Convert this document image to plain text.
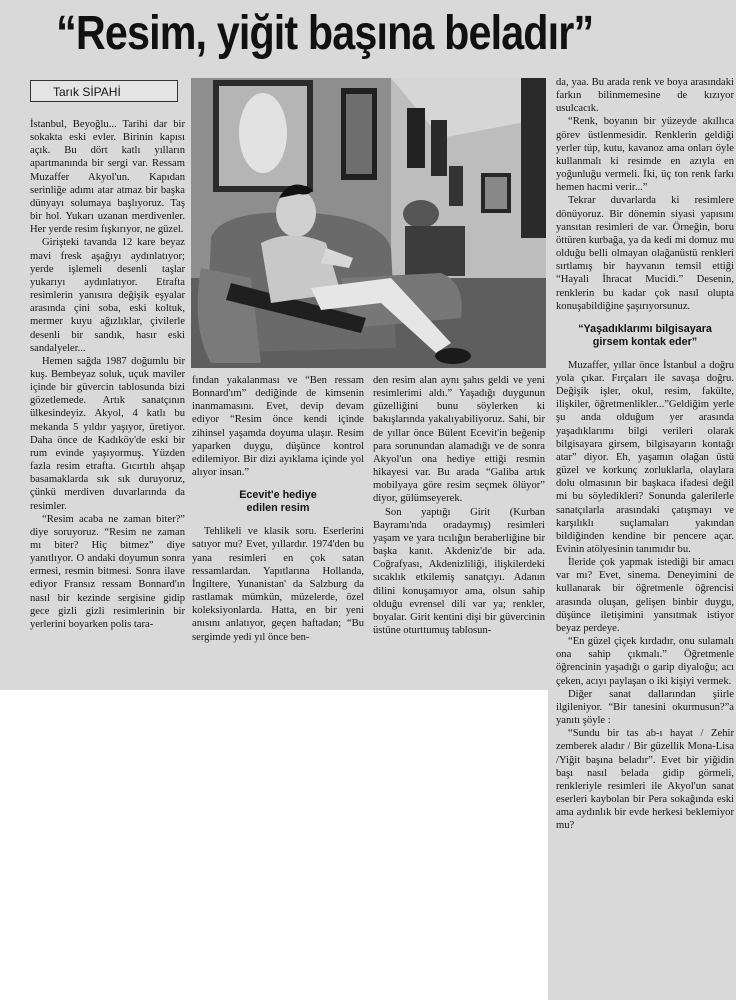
“Resim, yiğit başına beladır”
Tarık SİPAHİ

İstanbul, Beyoğlu... Tarihi dar bir sokakta eski evler. Birinin kapısı açık. Bu dört katlı yılların apartmanında bir sergi var. Ressam Muzaffer Akyol'un. Kapıdan serinliğe adımı atar atmaz bir başka dünyayı solumaya başlıyoruz. Taş bir hol. Yukarı uzanan merdivenler. Her yerde resim fışkırıyor, ne güzel.

Girişteki tavanda 12 kare beyaz mavi fresk aşağıyı aydınlatıyor; yerde işlemeli desenli taşlar yukarıyı aydınlatıyor. Etrafta resimlerin yanısıra değişik eşyalar arasında çini soba, eski koltuk, mermer kuyu ağızlıklar, çivilerle desenli bir sandık, hasır eski sandalyeler...

Hemen sağda 1987 doğumlu bir kuş. Bembeyaz soluk, uçuk maviler içinde bir güvercin tablosunda bizi gözetlemede. Artık sanatçının ülkesindeyiz. Akyol, 4 katlı bu mekanda 5 yıldır yaşıyor, üretiyor. Daha önce de Kadıköy'de eski bir rum evinde yaşıyormuş. Yüzden fazla resim etrafta. Gıcırtılı ahşap basamaklarda sık sık duruyoruz, çünkü merdiven duvarlarında da resimler.

“Resim acaba ne zaman biter?” diye soruyoruz. “Resim ne zaman mı biter? Hiç bitmez” diye yanıtlıyor. O andaki doyumun sonra ermesi, resmin bitmesi. Sonra ilave ediyor Fransız ressam Bonnard'ın nasıl bir kezinde sergisine gidip gece gizli gizli resimlerinin bir yerlerini boyarken polis tara-

fından yakalanması ve “Ben ressam Bonnard'ım” dediğinde de kimsenin inanmamasını. Evet, devip devam ediyor “Resim önce kendi içinde zihinsel yaşamda doyuma ulaşır. Resim yaparken duygu, düşünce kontrol edilemiyor. Bir dizi ayıklama içinde yol alıyor insan.”

Ecevit'e hediye
edilen resim

Tehlikeli ve klasik soru. Eserlerini satıyor mu? Evet, yıllardır. 1974'den bu yana resimleri en çok satan ressamlardan. Yapıtlarına Hollanda, İngiltere, Yunanistan' da Salzburg da rastlamak mümkün, müzelerde, özel koleksiyonlarda. Hatta, en bir yeni anısını anlatıyor, geçen haftadan; “Bu sergimde yedi yıl önce ben-

den resim alan aynı şahıs geldi ve yeni resimlerimi aldı.” Yaşadığı duygunun güzelliğini bunu söylerken ki bakışlarında yakalıyabiliyoruz. Sahi, bir de yıllar önce Bülent Ecevit'in beğenip para sorunundan alamadığı ve de sonra Akyol'un ona hediye ettiği resmin hikayesi var. Bu arada “Galiba artık mobilyaya göre resim seçmek ölüyor” diyor, gülümseyerek.

Son yaptığı Girit (Kurban Bayramı'nda oradaymış) resimleri yaşam ve yara tıcılığın beraberliğine bir başka kanıt. Akdeniz'de bir ada. Coğrafyası, Akdenizliliği, ilişkilerdeki sıcaklık etkilemiş sanatçıyı. Adanın dilini konuşamıyor ama, olsun sahip olduğu evrensel dili var ya; renkler, boyalar. Girit kentini dişi bir güvercinin üstüne oturttumuş tablosun-

da, yaa. Bu arada renk ve boya arasındaki farkın bilinmemesine de kızıyor usulcacık.

“Renk, boyanın bir yüzeyde akıllıca görev üstlenmesidir. Renklerin geldiği yerler tüp, kutu, kavanoz ama onları öyle kullanmalı ki resimde en azıyla en yoğunluğu vermeli. İki, üç ton renk farkı hemen hacmi verir...”

Tekrar duvarlarda ki resimlere dönüyoruz. Bir dönemin siyasi yapısını yansıtan resimleri de var. Örneğin, boru öttüren kurbağa, ya da kedi mi domuz mu olduğu belli olmayan olağanüstü renkleri sırtlamış bir hayvanın temsil ettiği “Hayali İhracat Mucidi.” Desenin, renklerin bu kadar çok nasıl olupta konuşabildiğine şaşırıyorsunuz.

“Yaşadıklarımı bilgisayara
girsem kontak eder”

Muzaffer, yıllar önce İstanbul a doğru yola çıkar. Fırçaları ile savaşa doğru. Değişik işler, okul, resim, fakülte, ilişkiler, öğretmenlikler...”Geldiğim yerle şu anda olduğum yer arasında yaşadıklarımı bilgi verileri olarak bilgisayara girsem, bilgisayarın kontağı atar” diyor. Eh, yaşamın olağan üstü güzel ve korkunç zorluklarla, olaylara dolu olmasının bir başkaca ifadesi değil mi bu söyledikleri? Sonunda galerilerle sanatçılarla arasındaki çatışmayı ve karşılıklı suçlamaları yakından bildiğinden kendine bir pencere açar. Evinin atölyesinin tanımıdır bu.

İleride çok yapmak istediği bir amacı var mı? Evet, sinema. Deneyimini de kullanarak bir öğretmenle öğrencisi arasında oluşan, gelişen binbir duygu, düşünce iletişimini yansıtmak istiyor beyaz perdeye.

“En güzel çiçek kırdadır, onu sulamalı ona sahip çıkmalı.” Öğretmenle öğrencinin yaşadığı o garip diyaloğu; acı çeken, acıyı paylaşan o iki kişiyi vermek.

Diğer sanat dallarından şiirle ilgileniyor. “Bir tanesini okurmusun?”a yanıtı şöyle :

“Sundu bir tas ab-ı hayat / Zehir zemberek aladır / Bir güzellik Mona-Lisa /Yiğit başına beladır”. Evet bir yiğidin başı nasıl belada gidip görmeli, renkleriyle resimleri ile Akyol'un sanat eserleri kaybolan bir Pera sokağında eski ama aydınlık bir evde herkesi beklemiyor mu?
